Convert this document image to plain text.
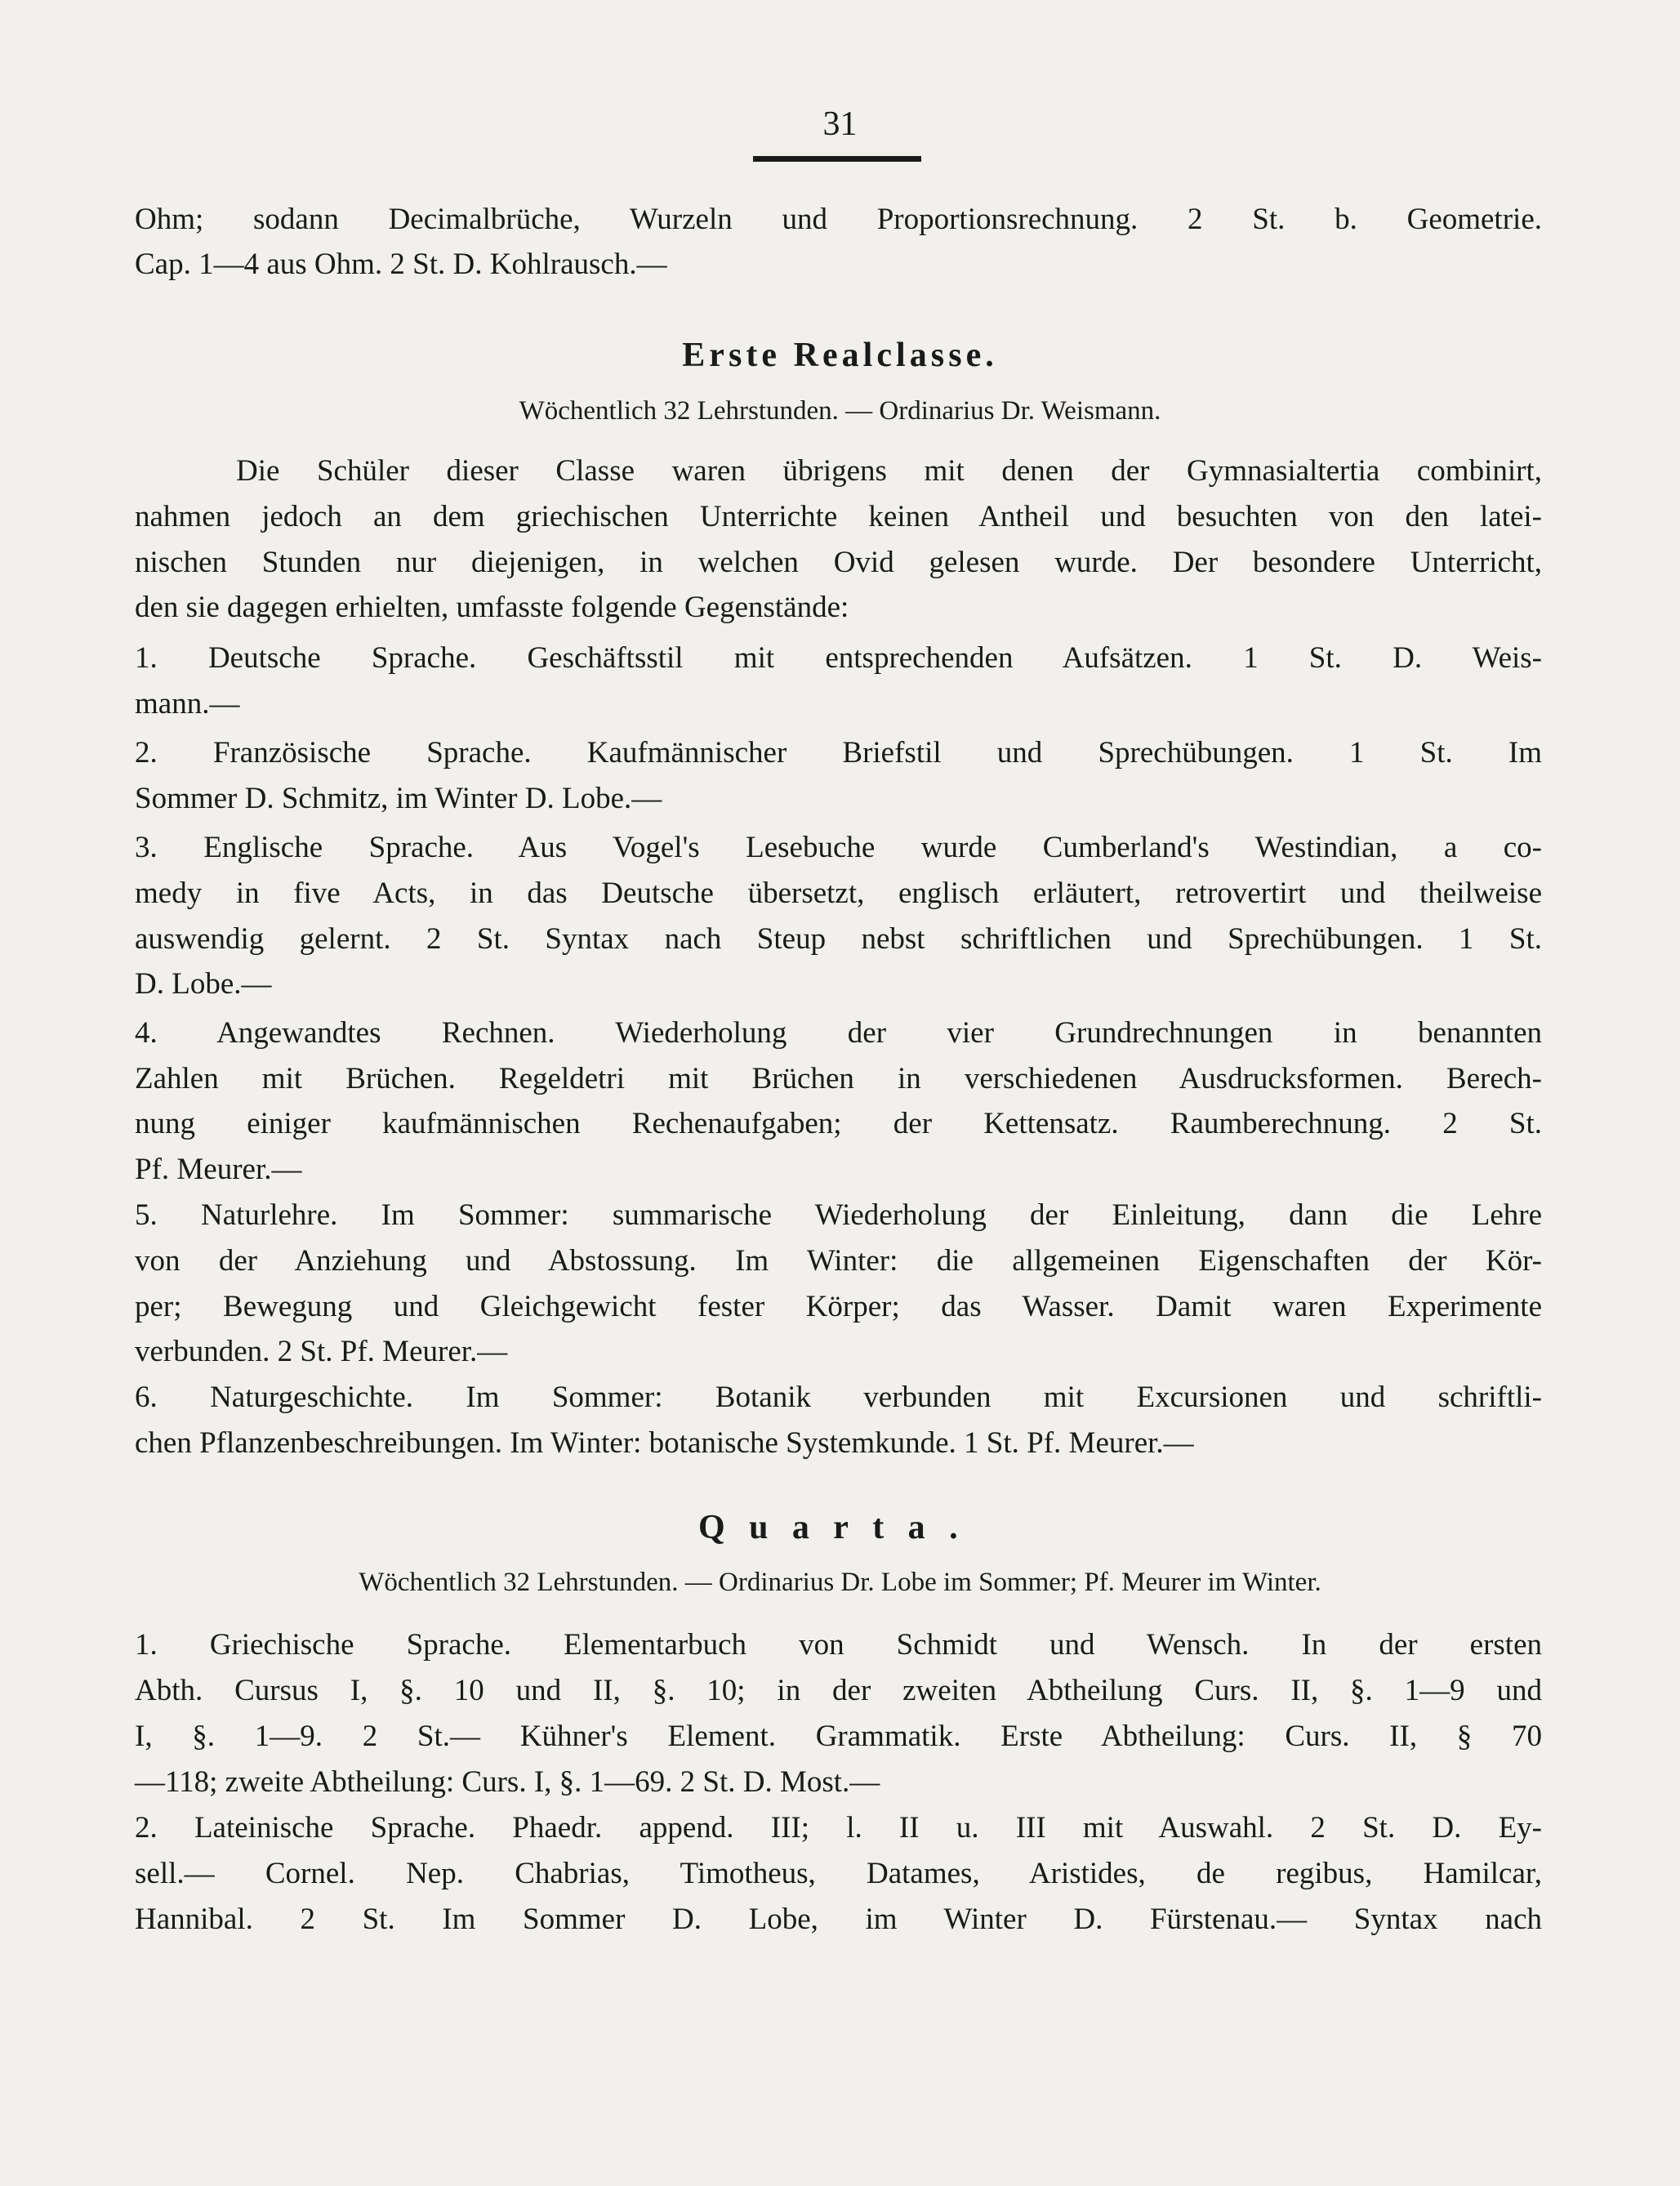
31
Ohm; sodann Decimalbrüche, Wurzeln und Proportionsrechnung. 2 St. b. Geometrie.
Cap. 1—4 aus Ohm. 2 St. D. Kohlrausch.—
Erste Realclasse.
Wöchentlich 32 Lehrstunden. — Ordinarius Dr. Weismann.
Die Schüler dieser Classe waren übrigens mit denen der Gymnasialtertia combinirt,
nahmen jedoch an dem griechischen Unterrichte keinen Antheil und besuchten von den latei-
nischen Stunden nur diejenigen, in welchen Ovid gelesen wurde. Der besondere Unterricht,
den sie dagegen erhielten, umfasste folgende Gegenstände:
1. Deutsche Sprache. Geschäftsstil mit entsprechenden Aufsätzen. 1 St. D. Weis-
mann.—
2. Französische Sprache. Kaufmännischer Briefstil und Sprechübungen. 1 St. Im
Sommer D. Schmitz, im Winter D. Lobe.—
3. Englische Sprache. Aus Vogel's Lesebuche wurde Cumberland's Westindian, a co-
medy in five Acts, in das Deutsche übersetzt, englisch erläutert, retrovertirt und theilweise
auswendig gelernt. 2 St. Syntax nach Steup nebst schriftlichen und Sprechübungen. 1 St.
D. Lobe.—
4. Angewandtes Rechnen. Wiederholung der vier Grundrechnungen in benannten
Zahlen mit Brüchen. Regeldetri mit Brüchen in verschiedenen Ausdrucksformen. Berech-
nung einiger kaufmännischen Rechenaufgaben; der Kettensatz. Raumberechnung. 2 St.
Pf. Meurer.—
5. Naturlehre. Im Sommer: summarische Wiederholung der Einleitung, dann die Lehre
von der Anziehung und Abstossung. Im Winter: die allgemeinen Eigenschaften der Kör-
per; Bewegung und Gleichgewicht fester Körper; das Wasser. Damit waren Experimente
verbunden. 2 St. Pf. Meurer.—
6. Naturgeschichte. Im Sommer: Botanik verbunden mit Excursionen und schriftli-
chen Pflanzenbeschreibungen. Im Winter: botanische Systemkunde. 1 St. Pf. Meurer.—
Quarta.
Wöchentlich 32 Lehrstunden. — Ordinarius Dr. Lobe im Sommer; Pf. Meurer im Winter.
1. Griechische Sprache. Elementarbuch von Schmidt und Wensch. In der ersten
Abth. Cursus I, §. 10 und II, §. 10; in der zweiten Abtheilung Curs. II, §. 1—9 und
I, §. 1—9. 2 St.— Kühner's Element. Grammatik. Erste Abtheilung: Curs. II, § 70
—118; zweite Abtheilung: Curs. I, §. 1—69. 2 St. D. Most.—
2. Lateinische Sprache. Phaedr. append. III; l. II u. III mit Auswahl. 2 St. D. Ey-
sell.— Cornel. Nep. Chabrias, Timotheus, Datames, Aristides, de regibus, Hamilcar,
Hannibal. 2 St. Im Sommer D. Lobe, im Winter D. Fürstenau.— Syntax nach
